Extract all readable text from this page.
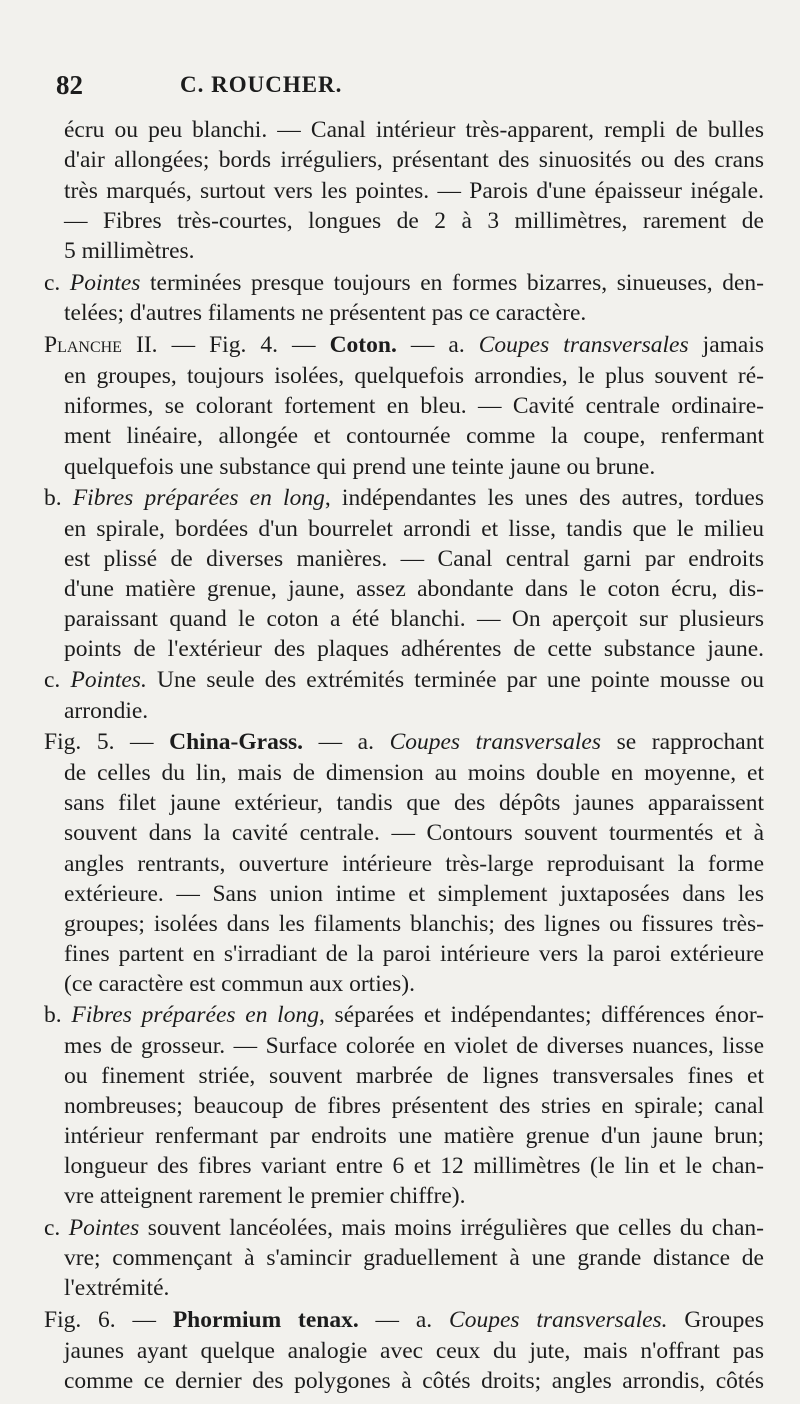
82	C. ROUCHER.
écru ou peu blanchi. — Canal intérieur très-apparent, rempli de bulles
d'air allongées; bords irréguliers, présentant des sinuosités ou des crans
très marqués, surtout vers les pointes. — Parois d'une épaisseur inégale.
— Fibres très-courtes, longues de 2 à 3 millimètres, rarement de
5 millimètres.
c. Pointes terminées presque toujours en formes bizarres, sinueuses, den-
telées; d'autres filaments ne présentent pas ce caractère.
Planche II. — Fig. 4. — Coton. — a. Coupes transversales jamais
en groupes, toujours isolées, quelquefois arrondies, le plus souvent ré-
niformes, se colorant fortement en bleu. — Cavité centrale ordinaire-
ment linéaire, allongée et contournée comme la coupe, renfermant
quelquefois une substance qui prend une teinte jaune ou brune.
b. Fibres préparées en long, indépendantes les unes des autres, tordues
en spirale, bordées d'un bourrelet arrondi et lisse, tandis que le milieu
est plissé de diverses manières. — Canal central garni par endroits
d'une matière grenue, jaune, assez abondante dans le coton écru, dis-
paraissant quand le coton a été blanchi. — On aperçoit sur plusieurs
points de l'extérieur des plaques adhérentes de cette substance jaune.
c. Pointes. Une seule des extrémités terminée par une pointe mousse ou
arrondie.
Fig. 5. — China-Grass. — a. Coupes transversales se rapprochant
de celles du lin, mais de dimension au moins double en moyenne, et
sans filet jaune extérieur, tandis que des dépôts jaunes apparaissent
souvent dans la cavité centrale. — Contours souvent tourmentés et à
angles rentrants, ouverture intérieure très-large reproduisant la forme
extérieure. — Sans union intime et simplement juxtaposées dans les
groupes; isolées dans les filaments blanchis; des lignes ou fissures très-
fines partent en s'irradiant de la paroi intérieure vers la paroi extérieure
(ce caractère est commun aux orties).
b. Fibres préparées en long, séparées et indépendantes; différences énor-
mes de grosseur. — Surface colorée en violet de diverses nuances, lisse
ou finement striée, souvent marbrée de lignes transversales fines et
nombreuses; beaucoup de fibres présentent des stries en spirale; canal
intérieur renfermant par endroits une matière grenue d'un jaune brun;
longueur des fibres variant entre 6 et 12 millimètres (le lin et le chan-
vre atteignent rarement le premier chiffre).
c. Pointes souvent lancéolées, mais moins irrégulières que celles du chan-
vre; commençant à s'amincir graduellement à une grande distance de
l'extrémité.
Fig. 6. — Phormium tenax. — a. Coupes transversales. Groupes
jaunes ayant quelque analogie avec ceux du jute, mais n'offrant pas
comme ce dernier des polygones à côtés droits; angles arrondis, côtés
